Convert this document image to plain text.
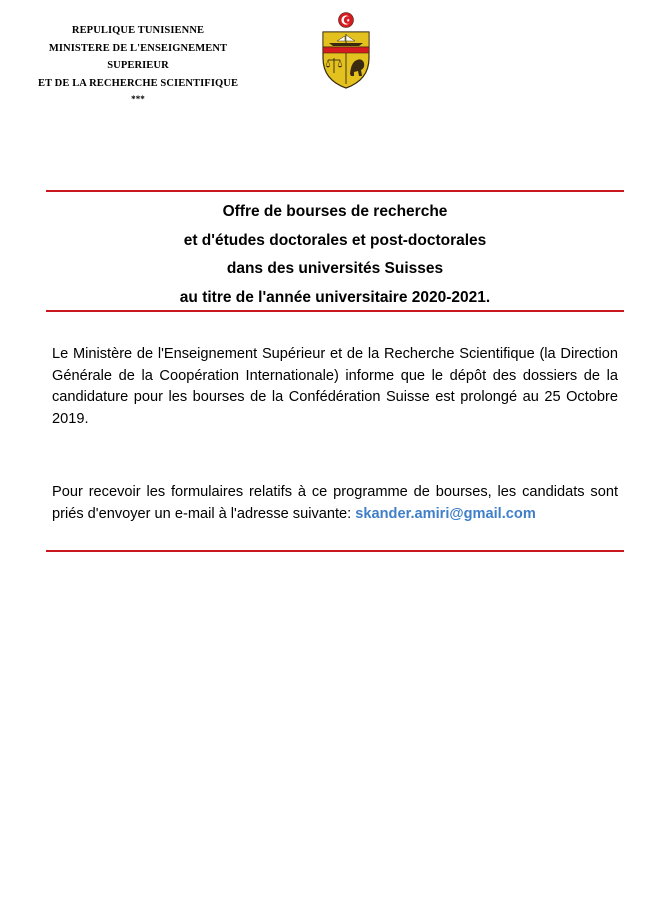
REPULIQUE TUNISIENNE
MINISTERE DE L'ENSEIGNEMENT
SUPERIEUR
ET DE LA RECHERCHE SCIENTIFIQUE
***
Offre de bourses de recherche
et d'études doctorales et post-doctorales
dans des universités Suisses
au titre de l'année universitaire 2020-2021.
Le Ministère de l'Enseignement Supérieur et de la Recherche Scientifique (la Direction Générale de la Coopération Internationale) informe que le dépôt des dossiers de la candidature pour les bourses de la Confédération Suisse est prolongé au 25 Octobre 2019.
Pour recevoir les formulaires relatifs à ce programme de bourses, les candidats sont priés d'envoyer un e-mail à l'adresse suivante: skander.amiri@gmail.com
